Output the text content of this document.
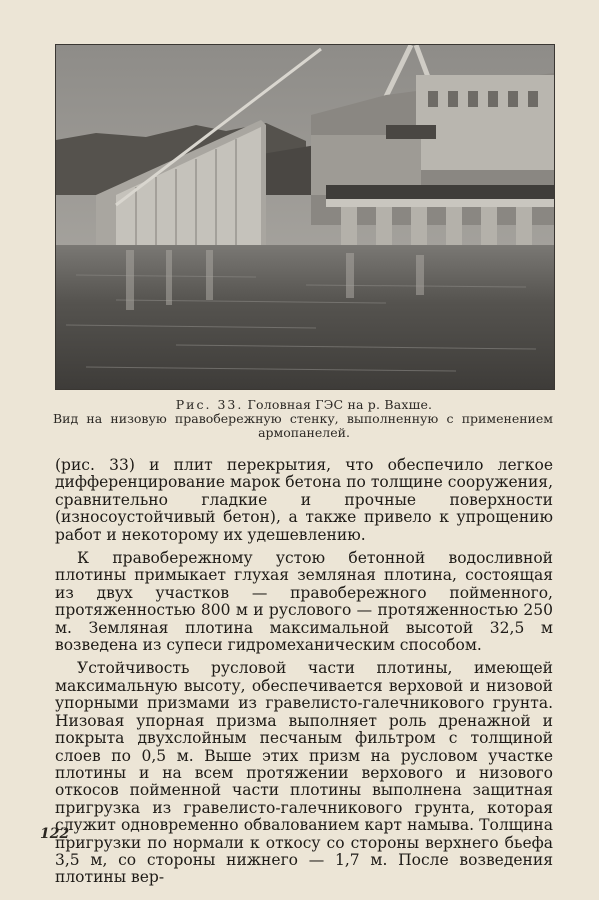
Рис. 33. Головная ГЭС на р. Вахше.
Вид на низовую правобережную стенку, выполненную с применением армопанелей.

(рис. 33) и плит перекрытия, что обеспечило легкое дифференцирование марок бетона по толщине сооружения, сравнительно гладкие и прочные поверхности (износоустойчивый бетон), а также привело к упрощению работ и некоторому их удешевлению.

К правобережному устою бетонной водосливной плотины примыкает глухая земляная плотина, состоящая из двух участков — правобережного пойменного, протяженностью 800 м и руслового — протяженностью 250 м. Земляная плотина максимальной высотой 32,5 м возведена из супеси гидромеханическим способом.

Устойчивость русловой части плотины, имеющей максимальную высоту, обеспечивается верховой и низовой упорными призмами из гравелисто-галечникового грунта. Низовая упорная призма выполняет роль дренажной и покрыта двухслойным песчаным фильтром с толщиной слоев по 0,5 м. Выше этих призм на русловом участке плотины и на всем протяжении верхового и низового откосов пойменной части плотины выполнена защитная пригрузка из гравелисто-галечникового грунта, которая служит одновременно обвалованием карт намыва. Толщина пригрузки по нормали к откосу со стороны верхнего бьефа 3,5 м, со стороны нижнего — 1,7 м. После возведения плотины вер-

122
